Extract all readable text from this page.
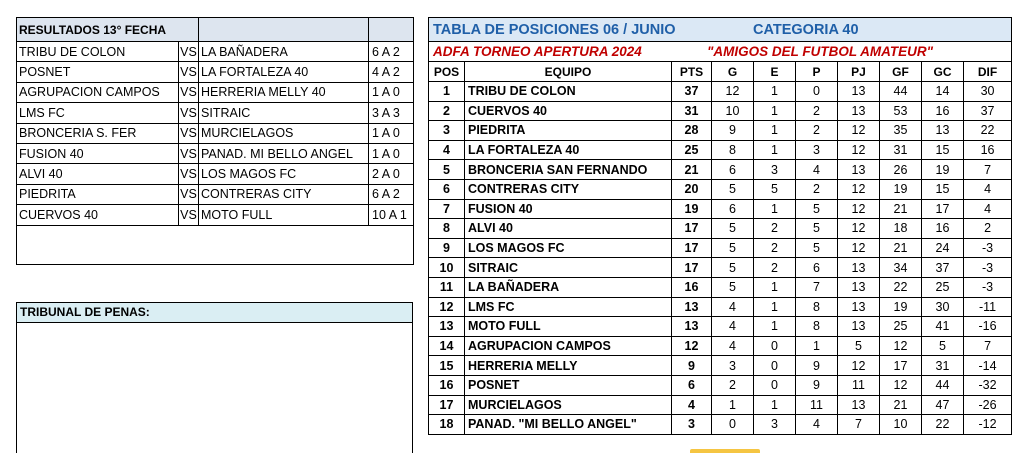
RESULTADOS 13° FECHA			
TRIBU DE COLON	VS	LA BAÑADERA	6 A 2
POSNET	VS	LA FORTALEZA 40	4 A 2
AGRUPACION CAMPOS	VS	HERRERIA MELLY 40	1 A 0
LMS FC	VS	SITRAIC	3 A 3
BRONCERIA S. FER	VS	MURCIELAGOS	1 A 0
FUSION 40	VS	PANAD. MI BELLO ANGEL	1 A 0
ALVI 40	VS	LOS MAGOS FC	2 A 0
PIEDRITA	VS	CONTRERAS CITY	6 A 2
CUERVOS 40	VS	MOTO FULL	10 A 1

TRIBUNAL DE PENAS:
TABLA DE POSICIONES 06 / JUNIO CATEGORIA 40									
ADFA TORNEO APERTURA 2024 "AMIGOS DEL FUTBOL AMATEUR"									
POS	EQUIPO	PTS	G	E	P	PJ	GF	GC	DIF
1	TRIBU DE COLON	37	12	1	0	13	44	14	30
2	CUERVOS 40	31	10	1	2	13	53	16	37
3	PIEDRITA	28	9	1	2	12	35	13	22
4	LA FORTALEZA 40	25	8	1	3	12	31	15	16
5	BRONCERIA SAN FERNANDO	21	6	3	4	13	26	19	7
6	CONTRERAS CITY	20	5	5	2	12	19	15	4
7	FUSION 40	19	6	1	5	12	21	17	4
8	ALVI 40	17	5	2	5	12	18	16	2
9	LOS MAGOS FC	17	5	2	5	12	21	24	-3
10	SITRAIC	17	5	2	6	13	34	37	-3
11	LA BAÑADERA	16	5	1	7	13	22	25	-3
12	LMS FC	13	4	1	8	13	19	30	-11
13	MOTO FULL	13	4	1	8	13	25	41	-16
14	AGRUPACION CAMPOS	12	4	0	1	5	12	5	7
15	HERRERIA MELLY	9	3	0	9	12	17	31	-14
16	POSNET	6	2	0	9	11	12	44	-32
17	MURCIELAGOS	4	1	1	11	13	21	47	-26
18	PANAD. "MI BELLO ANGEL"	3	0	3	4	7	10	22	-12
